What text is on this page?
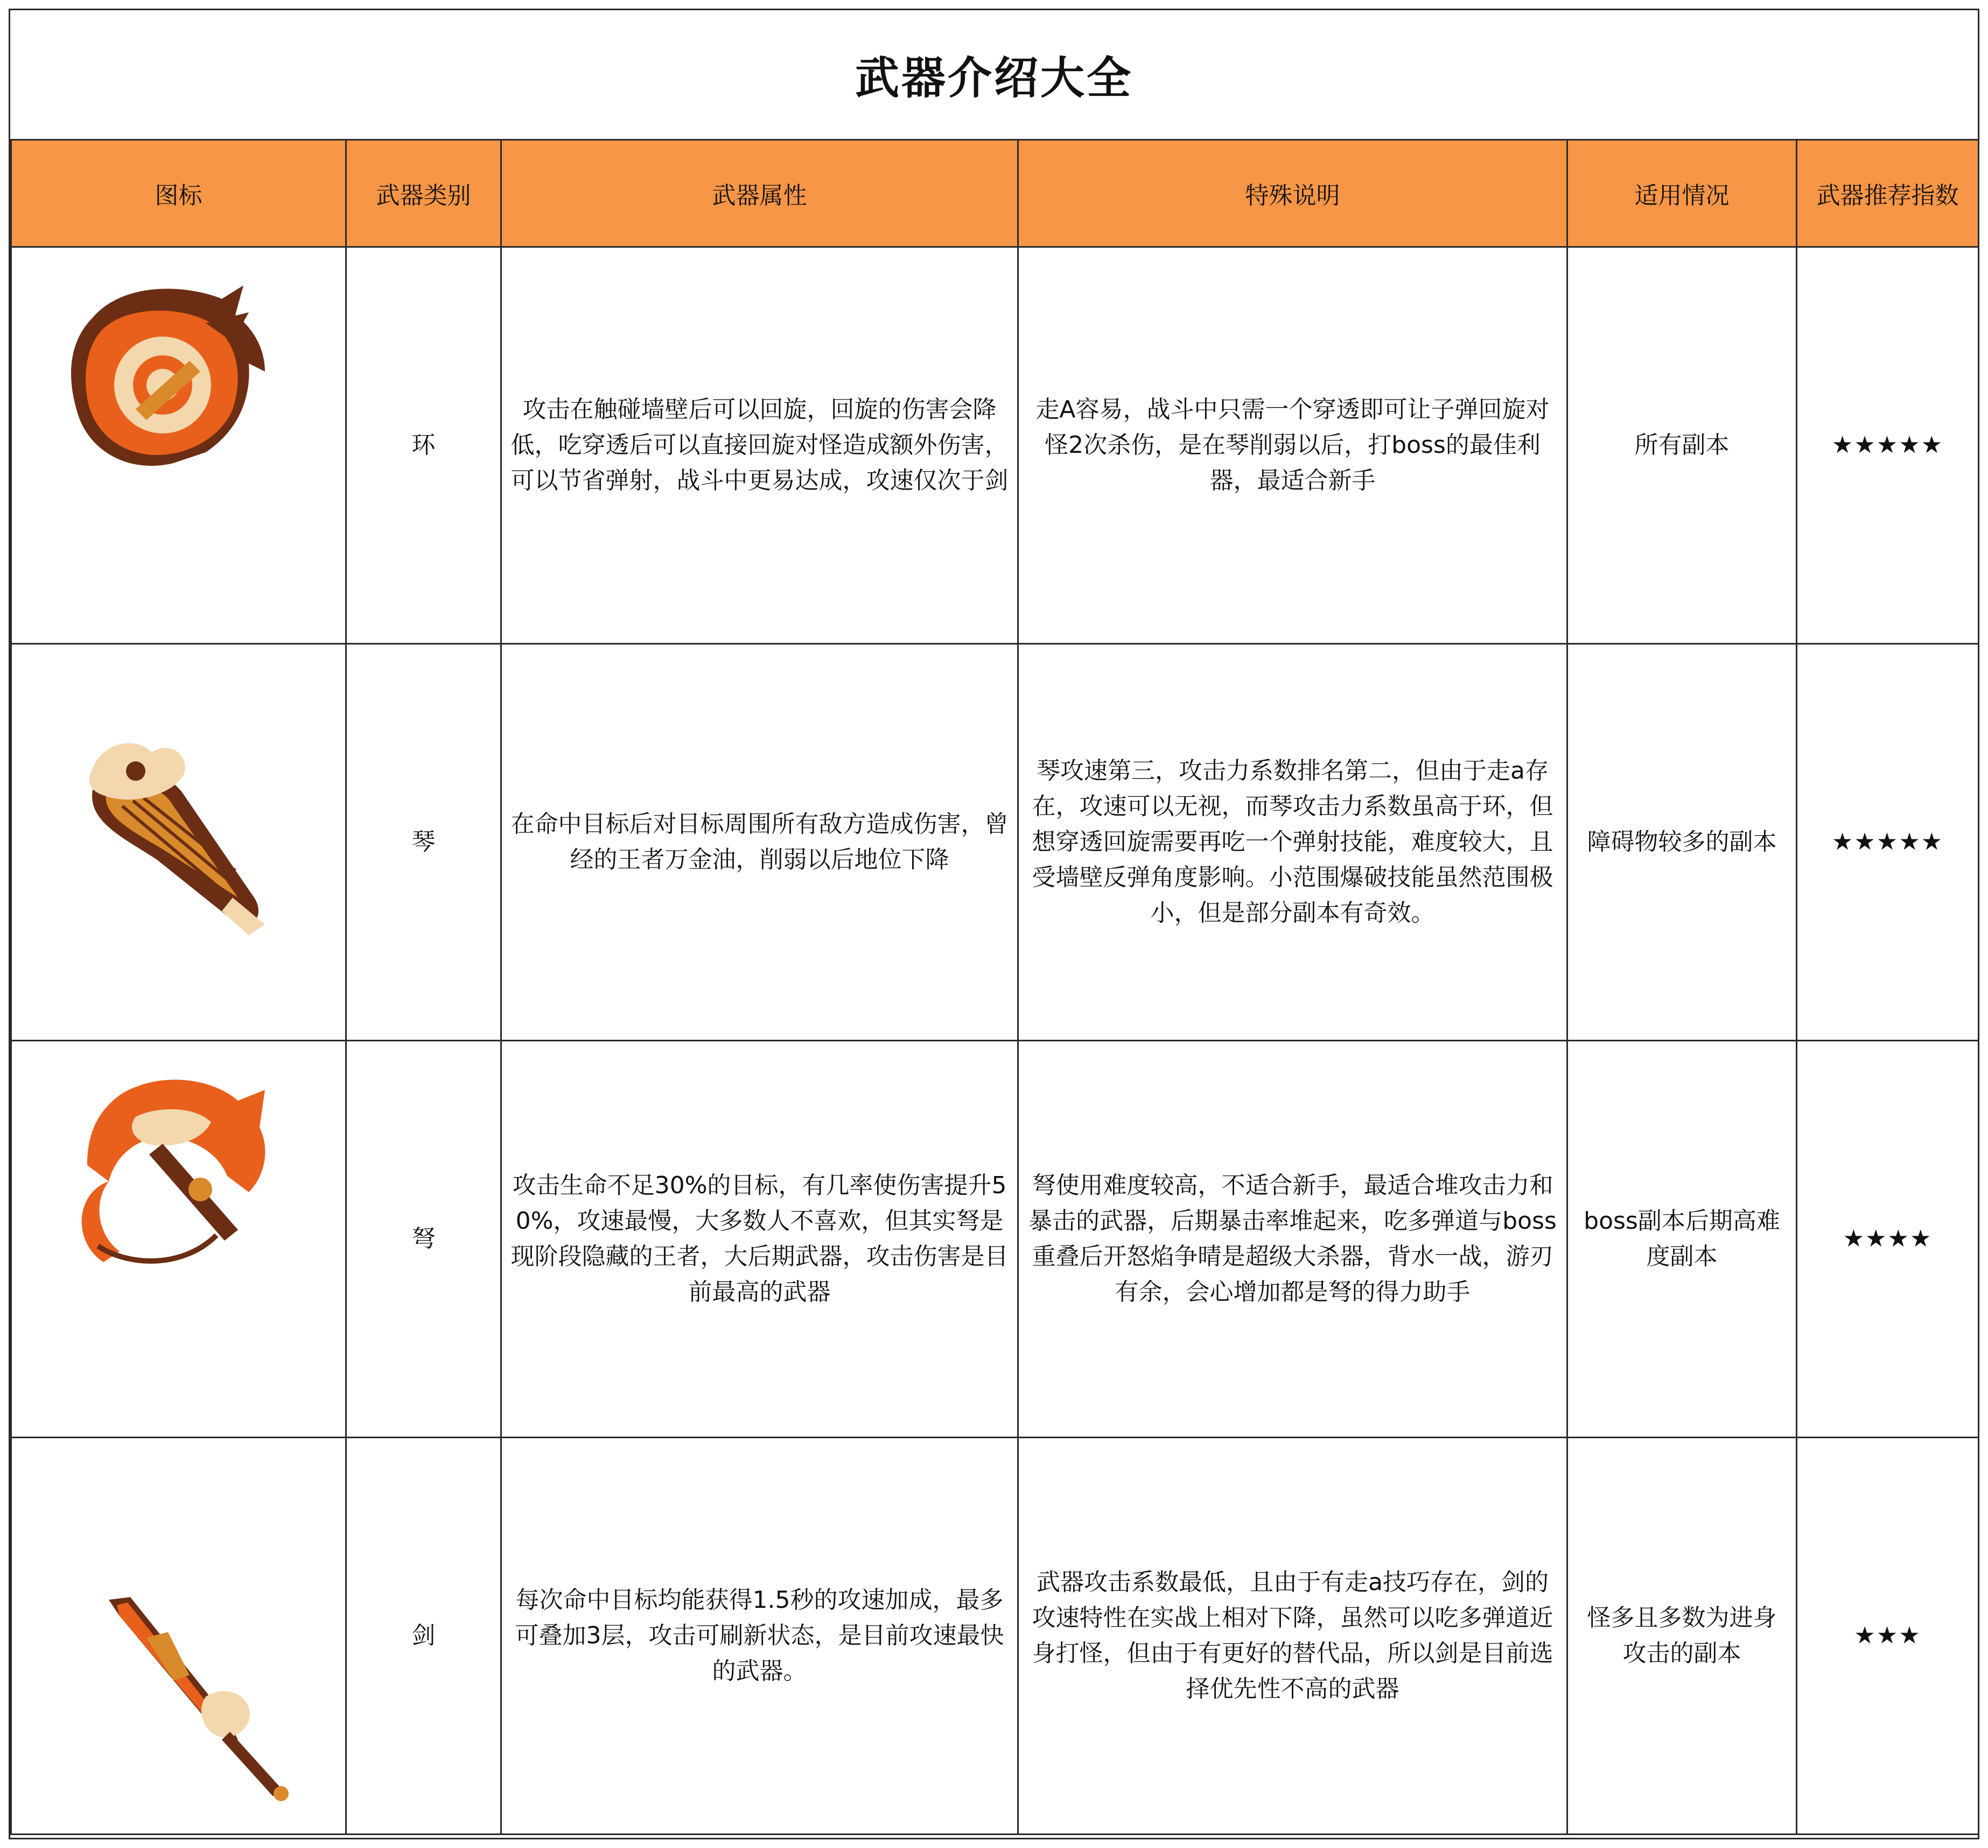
武器介绍大全
图标	武器类别	武器属性	特殊说明	适用情况	武器推荐指数

	环	攻击在触碰墙壁后可以回旋，回旋的伤害会降低，吃穿透后可以直接回旋对怪造成额外伤害，可以节省弹射，战斗中更易达成，攻速仅次于剑	走A容易，战斗中只需一个穿透即可让子弹回旋对怪2次杀伤，是在琴削弱以后，打boss的最佳利器，最适合新手	所有副本	★★★★★

	琴	在命中目标后对目标周围所有敌方造成伤害，曾经的王者万金油，削弱以后地位下降	琴攻速第三，攻击力系数排名第二，但由于走a存在，攻速可以无视，而琴攻击力系数虽高于环，但想穿透回旋需要再吃一个弹射技能，难度较大，且受墙壁反弹角度影响。小范围爆破技能虽然范围极小，但是部分副本有奇效。	障碍物较多的副本	★★★★★

	弩	攻击生命不足30%的目标，有几率使伤害提升50%，攻速最慢，大多数人不喜欢，但其实弩是现阶段隐藏的王者，大后期武器，攻击伤害是目前最高的武器	弩使用难度较高，不适合新手，最适合堆攻击力和暴击的武器，后期暴击率堆起来，吃多弹道与boss重叠后开怒焰争晴是超级大杀器，背水一战，游刃有余，会心增加都是弩的得力助手	boss副本后期高难度副本	★★★★

	剑	每次命中目标均能获得1.5秒的攻速加成，最多可叠加3层，攻击可刷新状态，是目前攻速最快的武器。	武器攻击系数最低，且由于有走a技巧存在，剑的攻速特性在实战上相对下降，虽然可以吃多弹道近身打怪，但由于有更好的替代品，所以剑是目前选择优先性不高的武器	怪多且多数为进身攻击的副本	★★★
